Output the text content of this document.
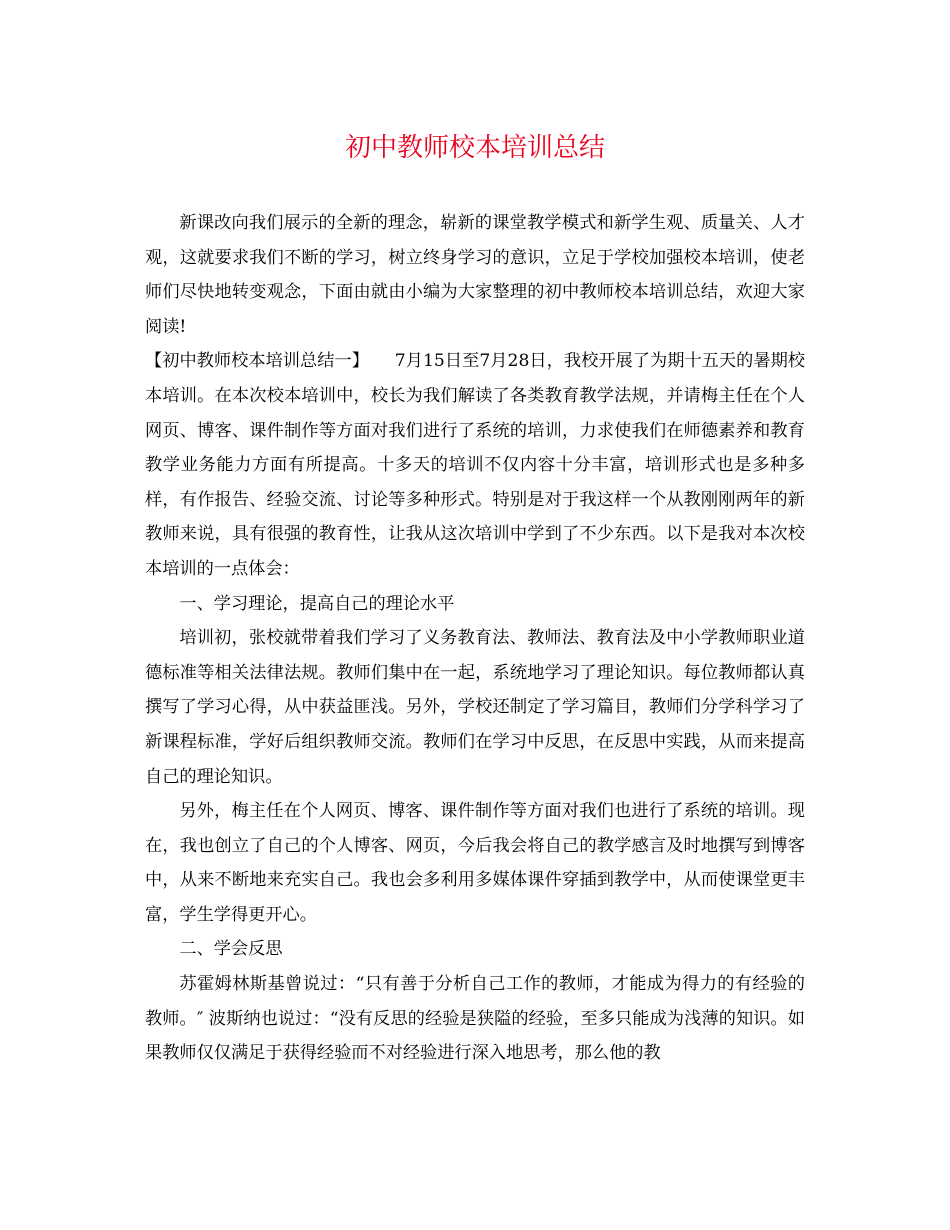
初中教师校本培训总结

新课改向我们展示的全新的理念，崭新的课堂教学模式和新学生观、质量关、人才观，这就要求我们不断的学习，树立终身学习的意识，立足于学校加强校本培训，使老师们尽快地转变观念，下面由就由小编为大家整理的初中教师校本培训总结，欢迎大家阅读!

【初中教师校本培训总结一】　　7月15日至7月28日，我校开展了为期十五天的暑期校本培训。在本次校本培训中，校长为我们解读了各类教育教学法规，并请梅主任在个人网页、博客、课件制作等方面对我们进行了系统的培训，力求使我们在师德素养和教育教学业务能力方面有所提高。十多天的培训不仅内容十分丰富，培训形式也是多种多样，有作报告、经验交流、讨论等多种形式。特别是对于我这样一个从教刚刚两年的新教师来说，具有很强的教育性，让我从这次培训中学到了不少东西。以下是我对本次校本培训的一点体会：

一、学习理论，提高自己的理论水平

培训初，张校就带着我们学习了义务教育法、教师法、教育法及中小学教师职业道德标准等相关法律法规。教师们集中在一起，系统地学习了理论知识。每位教师都认真撰写了学习心得，从中获益匪浅。另外，学校还制定了学习篇目，教师们分学科学习了新课程标准，学好后组织教师交流。教师们在学习中反思，在反思中实践，从而来提高自己的理论知识。

另外，梅主任在个人网页、博客、课件制作等方面对我们也进行了系统的培训。现在，我也创立了自己的个人博客、网页，今后我会将自己的教学感言及时地撰写到博客中，从来不断地来充实自己。我也会多利用多媒体课件穿插到教学中，从而使课堂更丰富，学生学得更开心。

二、学会反思

苏霍姆林斯基曾说过：“只有善于分析自己工作的教师，才能成为得力的有经验的教师。″ 波斯纳也说过：“没有反思的经验是狭隘的经验，至多只能成为浅薄的知识。如果教师仅仅满足于获得经验而不对经验进行深入地思考，那么他的教
